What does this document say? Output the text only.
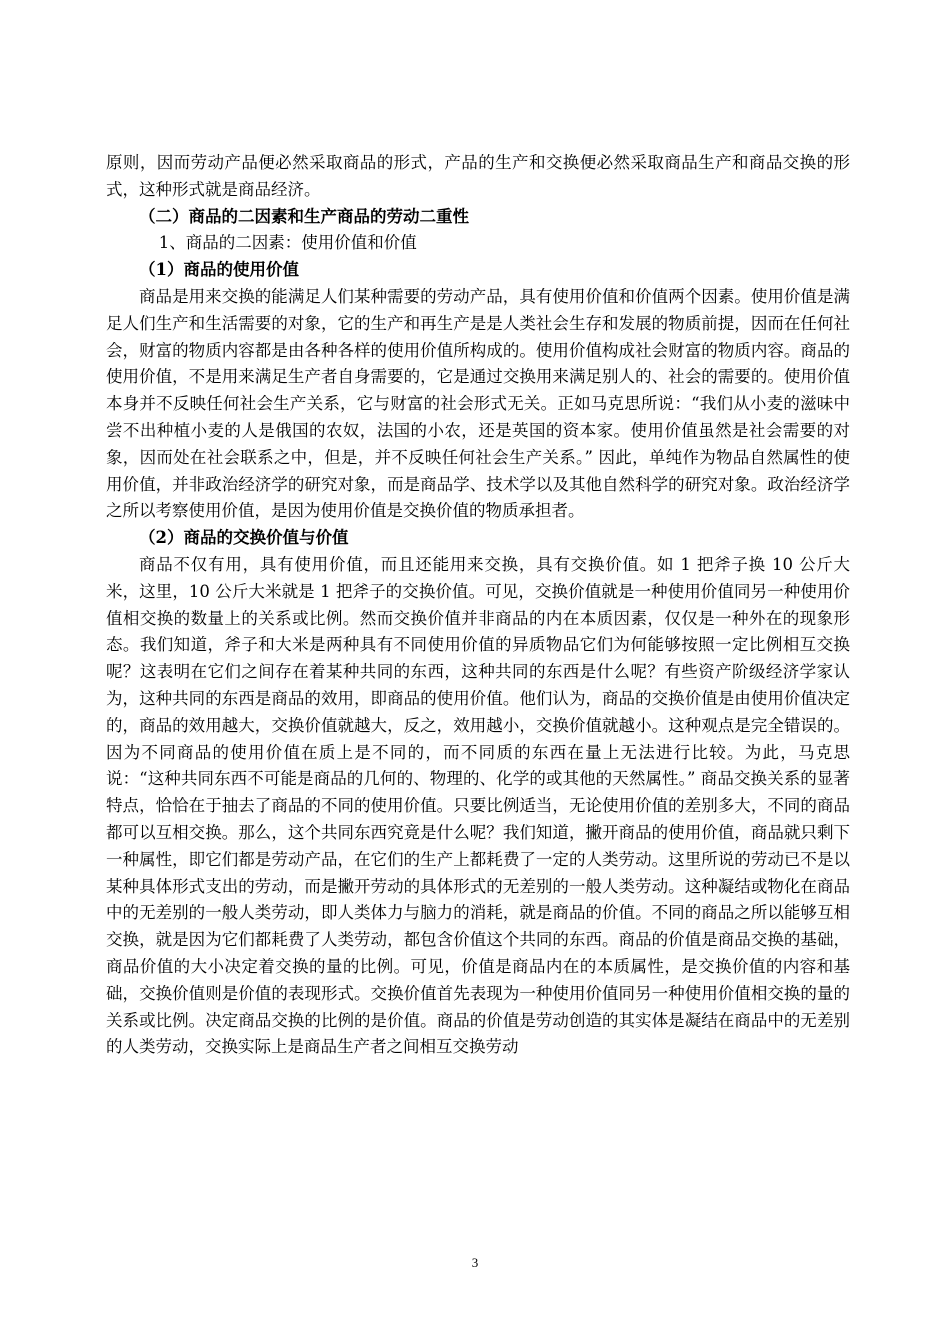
原则，因而劳动产品便必然采取商品的形式，产品的生产和交换便必然采取商品生产和商品交换的形式，这种形式就是商品经济。

（二）商品的二因素和生产商品的劳动二重性

1、商品的二因素：使用价值和价值

（1）商品的使用价值

商品是用来交换的能满足人们某种需要的劳动产品，具有使用价值和价值两个因素。使用价值是满足人们生产和生活需要的对象，它的生产和再生产是是人类社会生存和发展的物质前提，因而在任何社会，财富的物质内容都是由各种各样的使用价值所构成的。使用价值构成社会财富的物质内容。商品的使用价值，不是用来满足生产者自身需要的，它是通过交换用来满足别人的、社会的需要的。使用价值本身并不反映任何社会生产关系，它与财富的社会形式无关。正如马克思所说：“我们从小麦的滋味中尝不出种植小麦的人是俄国的农奴，法国的小农，还是英国的资本家。使用价值虽然是社会需要的对象，因而处在社会联系之中，但是，并不反映任何社会生产关系。” 因此，单纯作为物品自然属性的使用价值，并非政治经济学的研究对象，而是商品学、技术学以及其他自然科学的研究对象。政治经济学之所以考察使用价值，是因为使用价值是交换价值的物质承担者。

（2）商品的交换价值与价值

商品不仅有用，具有使用价值，而且还能用来交换，具有交换价值。如 1 把斧子换 10 公斤大米，这里，10 公斤大米就是 1 把斧子的交换价值。可见，交换价值就是一种使用价值同另一种使用价值相交换的数量上的关系或比例。然而交换价值并非商品的内在本质因素，仅仅是一种外在的现象形态。我们知道，斧子和大米是两种具有不同使用价值的异质物品它们为何能够按照一定比例相互交换呢？这表明在它们之间存在着某种共同的东西，这种共同的东西是什么呢？有些资产阶级经济学家认为，这种共同的东西是商品的效用，即商品的使用价值。他们认为，商品的交换价值是由使用价值决定的，商品的效用越大，交换价值就越大，反之，效用越小，交换价值就越小。这种观点是完全错误的。因为不同商品的使用价值在质上是不同的，而不同质的东西在量上无法进行比较。为此，马克思说：“这种共同东西不可能是商品的几何的、物理的、化学的或其他的天然属性。” 商品交换关系的显著特点，恰恰在于抽去了商品的不同的使用价值。只要比例适当，无论使用价值的差别多大，不同的商品都可以互相交换。那么，这个共同东西究竟是什么呢？我们知道，撇开商品的使用价值，商品就只剩下一种属性，即它们都是劳动产品，在它们的生产上都耗费了一定的人类劳动。这里所说的劳动已不是以某种具体形式支出的劳动，而是撇开劳动的具体形式的无差别的一般人类劳动。这种凝结或物化在商品中的无差别的一般人类劳动，即人类体力与脑力的消耗，就是商品的价值。不同的商品之所以能够互相交换，就是因为它们都耗费了人类劳动，都包含价值这个共同的东西。商品的价值是商品交换的基础，商品价值的大小决定着交换的量的比例。可见，价值是商品内在的本质属性，是交换价值的内容和基础，交换价值则是价值的表现形式。交换价值首先表现为一种使用价值同另一种使用价值相交换的量的关系或比例。决定商品交换的比例的是价值。商品的价值是劳动创造的其实体是凝结在商品中的无差别的人类劳动，交换实际上是商品生产者之间相互交换劳动

3
